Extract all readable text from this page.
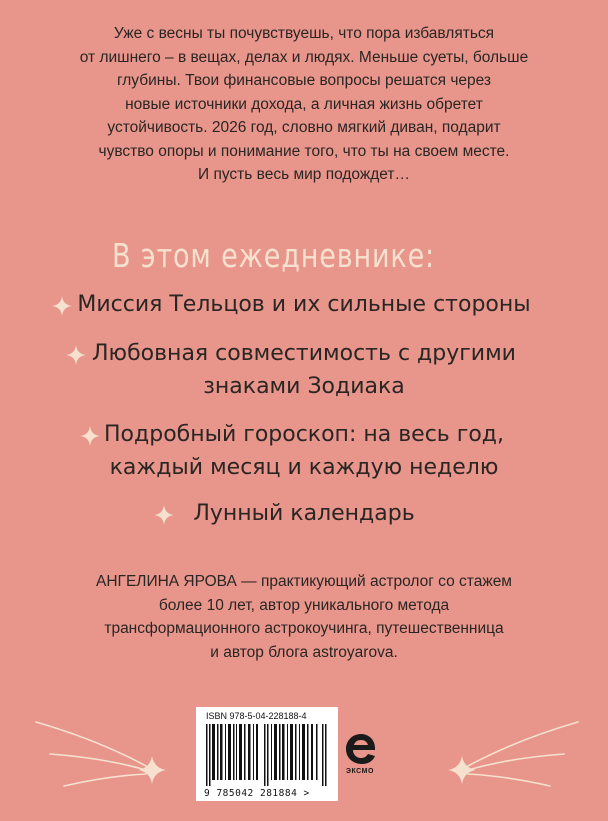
Уже с весны ты почувствуешь, что пора избавляться
от лишнего – в вещах, делах и людях. Меньше суеты, больше
глубины. Твои финансовые вопросы решатся через
новые источники дохода, а личная жизнь обретет
устойчивость. 2026 год, словно мягкий диван, подарит
чувство опоры и понимание того, что ты на своем месте.
И пусть весь мир подождет…

В этом ежедневнике:
Миссия Тельцов и их сильные стороны
Любовная совместимость с другими
знаками Зодиака
Подробный гороскоп: на весь год,
каждый месяц и каждую неделю
Лунный календарь

АНГЕЛИНА ЯРОВА — практикующий астролог со стажем
более 10 лет, автор уникального метода
трансформационного астрокоучинга, путешественница
и автор блога astroyarova.

ISBN 978-5-04-228188-4
9 785042 281884 >
ЭКСМО
